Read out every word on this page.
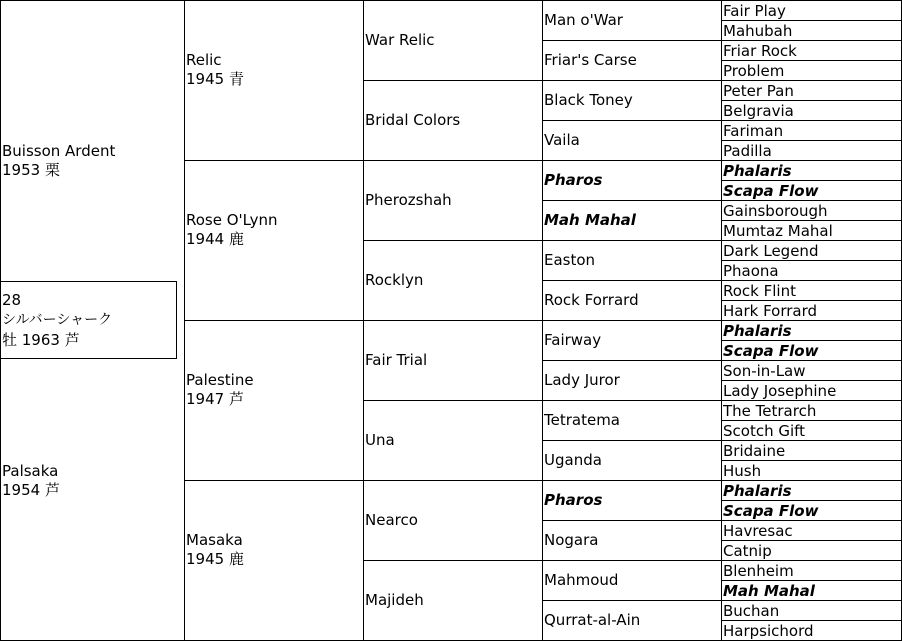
28
シルバーシャーク
牡 1963 芦
Buisson Ardent
1953 栗
Palsaka
1954 芦
Relic
1945 青
Rose O'Lynn
1944 鹿
Palestine
1947 芦
Masaka
1945 鹿
War Relic
Bridal Colors
Pherozshah
Rocklyn
Fair Trial
Una
Nearco
Majideh
Man o'War
Friar's Carse
Black Toney
Vaila
Pharos
Mah Mahal
Easton
Rock Forrard
Fairway
Lady Juror
Tetratema
Uganda
Pharos
Nogara
Mahmoud
Qurrat-al-Ain
Fair Play
Mahubah
Friar Rock
Problem
Peter Pan
Belgravia
Fariman
Padilla
Phalaris
Scapa Flow
Gainsborough
Mumtaz Mahal
Dark Legend
Phaona
Rock Flint
Hark Forrard
Phalaris
Scapa Flow
Son-in-Law
Lady Josephine
The Tetrarch
Scotch Gift
Bridaine
Hush
Phalaris
Scapa Flow
Havresac
Catnip
Blenheim
Mah Mahal
Buchan
Harpsichord
